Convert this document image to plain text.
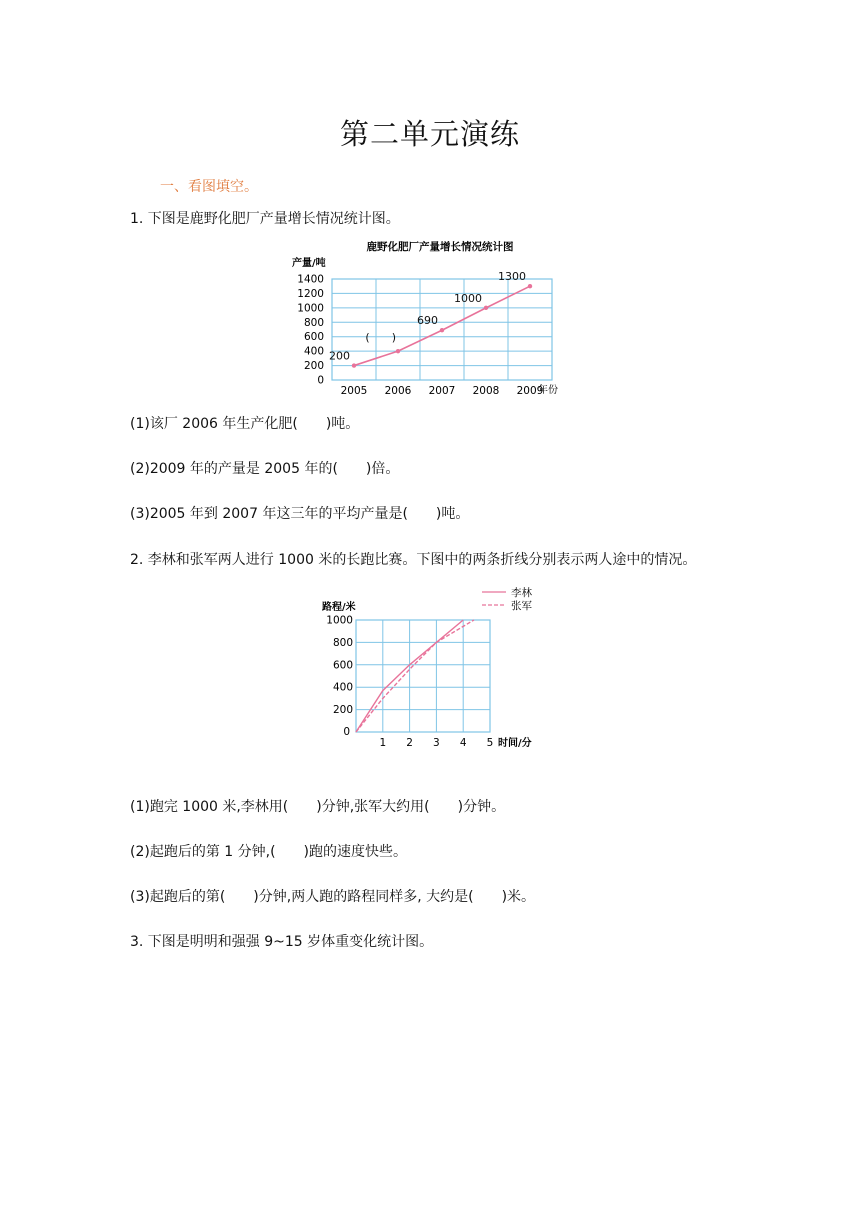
第二单元演练
一、看图填空。
1. 下图是鹿野化肥厂产量增长情况统计图。
鹿野化肥厂产量增长情况统计图
产量/吨
年份
0
200
400
600
800
1000
1200
1400
2005 2006 2007 2008 2009
200
(　　)
690
1000
1300
(1)该厂 2006 年生产化肥(　　)吨。
(2)2009 年的产量是 2005 年的(　　)倍。
(3)2005 年到 2007 年这三年的平均产量是(　　)吨。
2. 李林和张军两人进行 1000 米的长跑比赛。下图中的两条折线分别表示两人途中的情况。
路程/米
时间/分
200
400
600
800
1000
0
1 2 3 4 5
李林
张军
(1)跑完 1000 米,李林用(　　)分钟,张军大约用(　　)分钟。
(2)起跑后的第 1 分钟,(　　)跑的速度快些。
(3)起跑后的第(　　)分钟,两人跑的路程同样多, 大约是(　　)米。
3. 下图是明明和强强 9~15 岁体重变化统计图。
